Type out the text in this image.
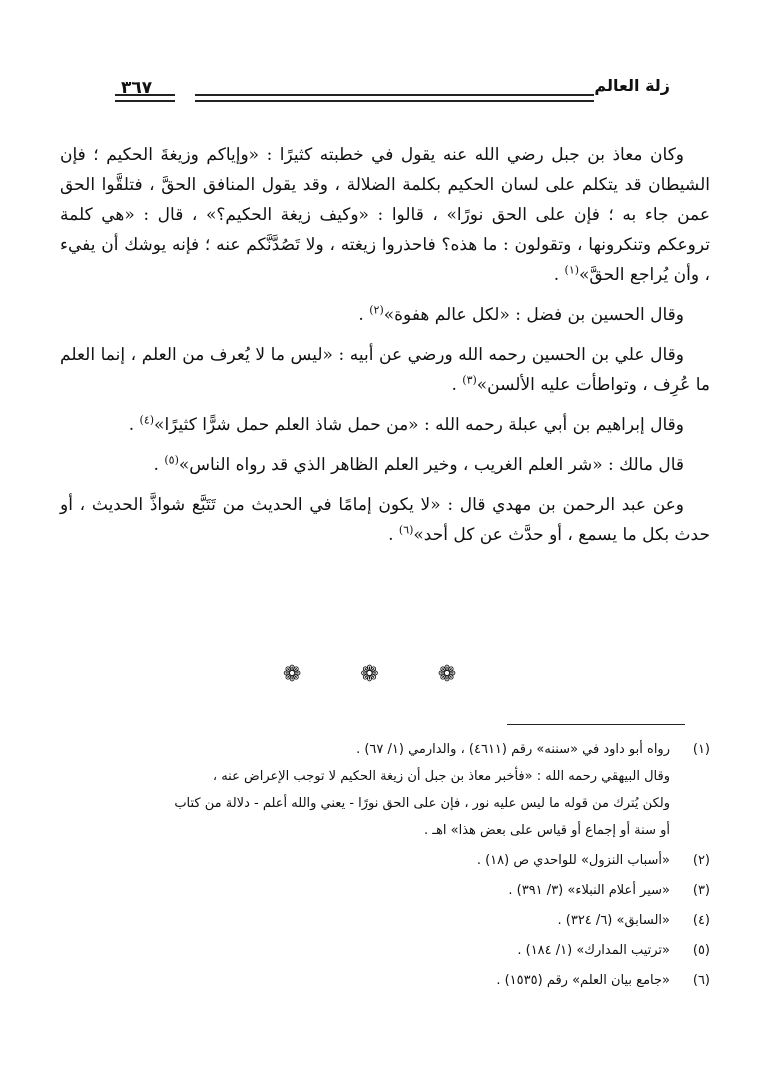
زلة العالم
٣٦٧

وكان معاذ بن جبل رضي الله عنه يقول في خطبته كثيرًا : «وإياكم وزيغةَ الحكيم ؛ فإن الشيطان قد يتكلم على لسان الحكيم بكلمة الضلالة ، وقد يقول المنافق الحقَّ ، فتلقَّوا الحق عمن جاء به ؛ فإن على الحق نورًا» ، قالوا : «وكيف زيغة الحكيم؟» ، قال : «هي كلمة تروعكم وتنكرونها ، وتقولون : ما هذه؟ فاحذروا زيغته ، ولا تَصُدَّنَّكم عنه ؛ فإنه يوشك أن يفيء ، وأن يُراجع الحقَّ»$^{(١)}$ .

وقال الحسين بن فضل : «لكل عالم هفوة»$^{(٢)}$ .

وقال علي بن الحسين رحمه الله ورضي عن أبيه : «ليس ما لا يُعرف من العلم ، إنما العلم ما عُرِف ، وتواطأت عليه الألسن»$^{(٣)}$ .

وقال إبراهيم بن أبي عبلة رحمه الله : «من حمل شاذ العلم حمل شرًّا كثيرًا»$^{(٤)}$ .

قال مالك : «شر العلم الغريب ، وخير العلم الظاهر الذي قد رواه الناس»$^{(٥)}$ .

وعن عبد الرحمن بن مهدي قال : «لا يكون إمامًا في الحديث من تَتَبَّع شواذَّ الحديث ، أو حدث بكل ما يسمع ، أو حدَّث عن كل أحد»$^{(٦)}$ .

❁ ❁ ❁
(١)
رواه أبو داود في «سننه» رقم (٤٦١١) ، والدارمي (١/ ٦٧) .
وقال البيهقي رحمه الله : «فأخبر معاذ بن جبل أن زيغة الحكيم لا توجب الإعراض عنه ،
ولكن يُترك من قوله ما ليس عليه نور ، فإن على الحق نورًا - يعني والله أعلم - دلالة من كتاب
أو سنة أو إجماع أو قياس على بعض هذا» اهـ .
(٢)
«أسباب النزول» للواحدي ص (١٨) .
(٣)
«سير أعلام النبلاء» (٣/ ٣٩١) .
(٤)
«السابق» (٦/ ٣٢٤) .
(٥)
«ترتيب المدارك» (١/ ١٨٤) .
(٦)
«جامع بيان العلم» رقم (١٥٣٥) .
